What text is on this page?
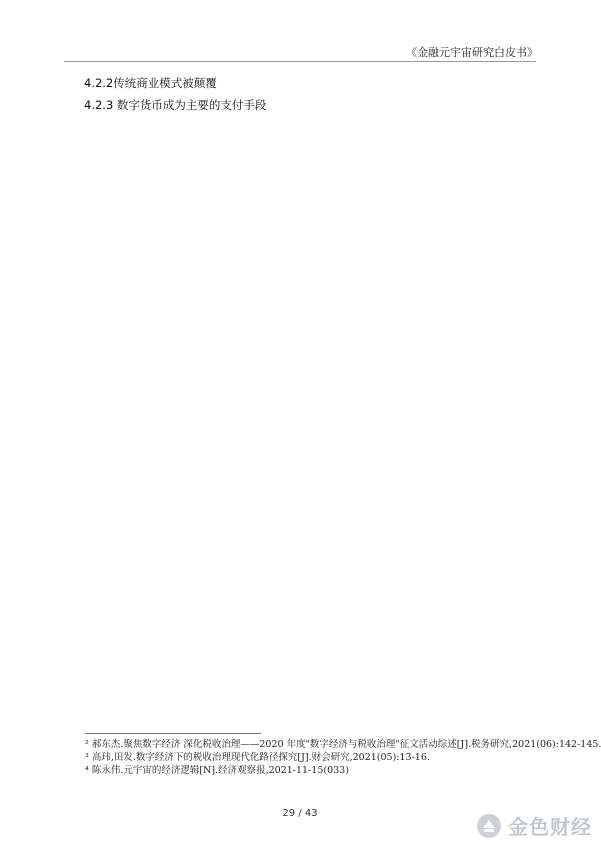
《金融元宇宙研究白皮书》

4.2.2传统商业模式被颠覆

4.2.3 数字货币成为主要的支付手段

² 郝东杰.聚焦数字经济 深化税收治理——2020 年度"数字经济与税收治理"征文活动综述[J].税务研究,2021(06):142-145.
³ 高玮,田发.数字经济下的税收治理现代化路径探究[J].财会研究,2021(05):13-16.
⁴ 陈永伟.元宇宙的经济逻辑[N].经济观察报,2021-11-15(033)
29 / 43
金色财经
